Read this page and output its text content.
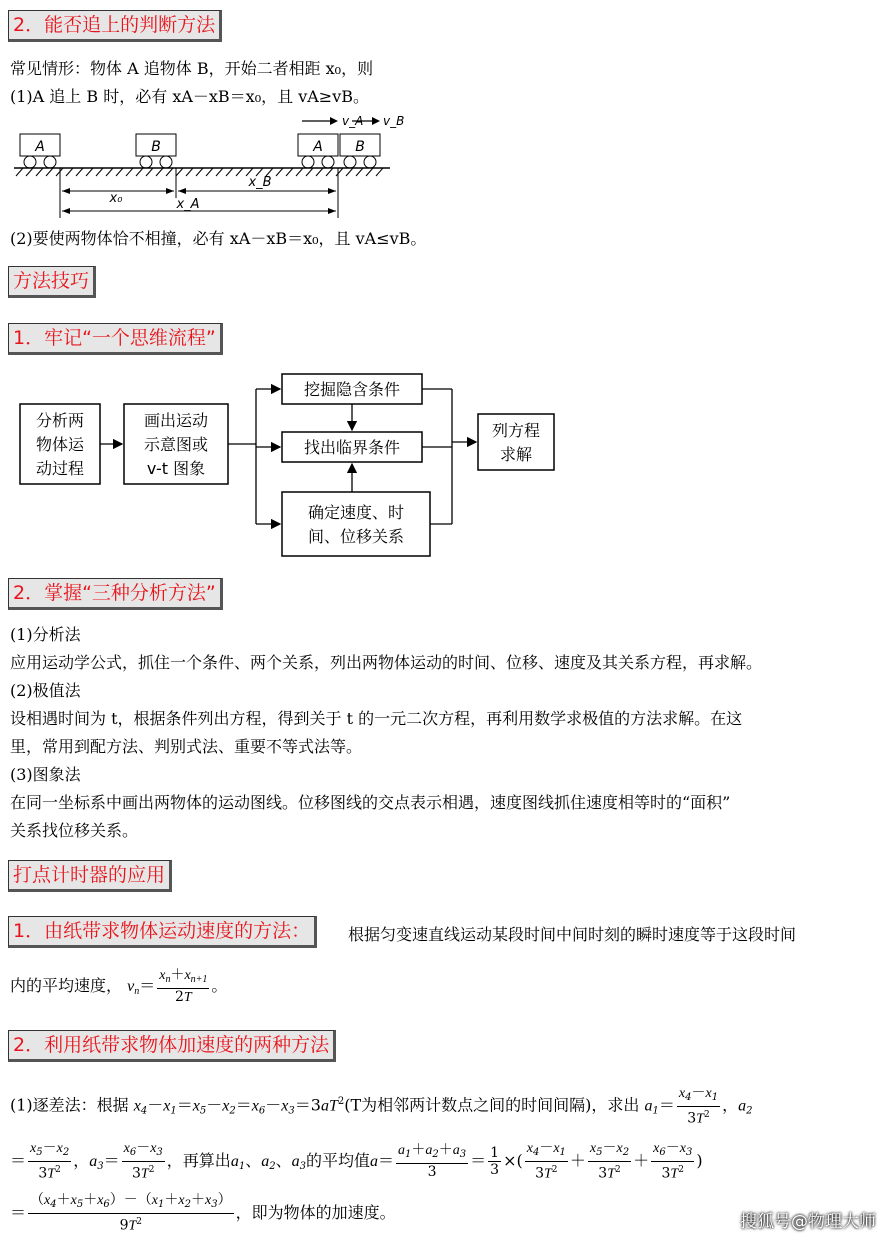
2．能否追上的判断方法
常见情形：物体 A 追物体 B，开始二者相距 x₀，则
(1)A 追上 B 时，必有 xA－xB＝x₀，且 vA≥vB。
v_A v_B
A	B	A B
x₀
x_B
x_A
(2)要使两物体恰不相撞，必有 xA－xB＝x₀，且 vA≤vB。
方法技巧
1．牢记“一个思维流程”
分析两
物体运
动过程
画出运动
示意图或
v-t 图象
挖掘隐含条件
找出临界条件
确定速度、时
间、位移关系
列方程
求解
2．掌握“三种分析方法”
(1)分析法
应用运动学公式，抓住一个条件、两个关系，列出两物体运动的时间、位移、速度及其关系方程，再求解。
(2)极值法
设相遇时间为 t，根据条件列出方程，得到关于 t 的一元二次方程，再利用数学求极值的方法求解。在这
里，常用到配方法、判别式法、重要不等式法等。
(3)图象法
在同一坐标系中画出两物体的运动图线。位移图线的交点表示相遇，速度图线抓住速度相等时的“面积”
关系找位移关系。
打点计时器的应用
1．由纸带求物体运动速度的方法：	根据匀变速直线运动某段时间中间时刻的瞬时速度等于这段时间
内的平均速度， $v_n= \frac{x_n+x_{n+1}}{2T}$ 。
2．利用纸带求物体加速度的两种方法
(1)逐差法：根据 $x_4-x_1=x_5-x_2=x_6-x_3=3aT^2(T$为相邻两计数点之间的时间间隔)，求出 $a_1= \frac{x_4-x_1}{3T^2}$ ，$a_2$
＝ $\frac{x_5-x_2}{3T^2}$ ，$a_3= \frac{x_6-x_3}{3T^2}$ ，再算出$a_1$、$a_2$、$a_3$的平均值$a= \frac{a_1+a_2+a_3}{3} = \frac{1}{3}$ ×( $\frac{x_4-x_1}{3T^2} + \frac{x_5-x_2}{3T^2} + \frac{x_6-x_3}{3T^2}$ )
＝ $\frac{(x_4+x_5+x_6)-(x_1+x_2+x_3)}{9T^2}$ ，即为物体的加速度。	搜狐号@物理大师
